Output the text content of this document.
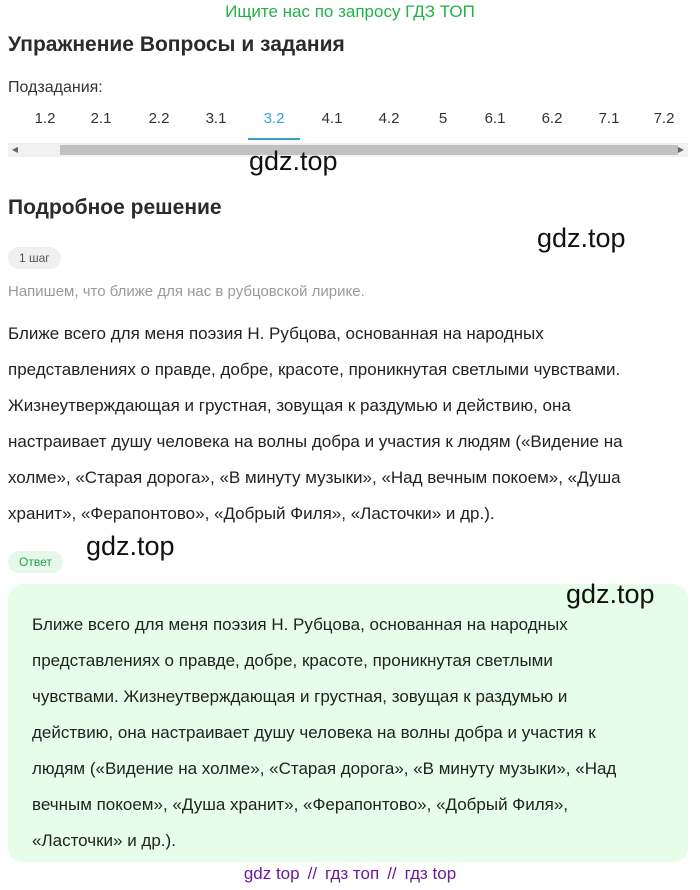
Ищите нас по запросу ГДЗ ТОП
Упражнение Вопросы и задания
Подзадания:
1.2	2.1	2.2	3.1	3.2	4.1	4.2	5	6.1	6.2	7.1	7.2
◀	▶
gdz.top
Подробное решение
gdz.top
1 шаг
Напишем, что ближе для нас в рубцовской лирике.
Ближе всего для меня поэзия Н. Рубцова, основанная на народных
представлениях о правде, добре, красоте, проникнутая светлыми чувствами.
Жизнеутверждающая и грустная, зовущая к раздумью и действию, она
настраивает душу человека на волны добра и участия к людям («Видение на
холме», «Старая дорога», «В минуту музыки», «Над вечным покоем», «Душа
хранит», «Ферапонтово», «Добрый Филя», «Ласточки» и др.).
gdz.top
Ответ
gdz.top
Ближе всего для меня поэзия Н. Рубцова, основанная на народных
представлениях о правде, добре, красоте, проникнутая светлыми
чувствами. Жизнеутверждающая и грустная, зовущая к раздумью и
действию, она настраивает душу человека на волны добра и участия к
людям («Видение на холме», «Старая дорога», «В минуту музыки», «Над
вечным покоем», «Душа хранит», «Ферапонтово», «Добрый Филя»,
«Ласточки» и др.).
gdz top // гдз топ // гдз top
